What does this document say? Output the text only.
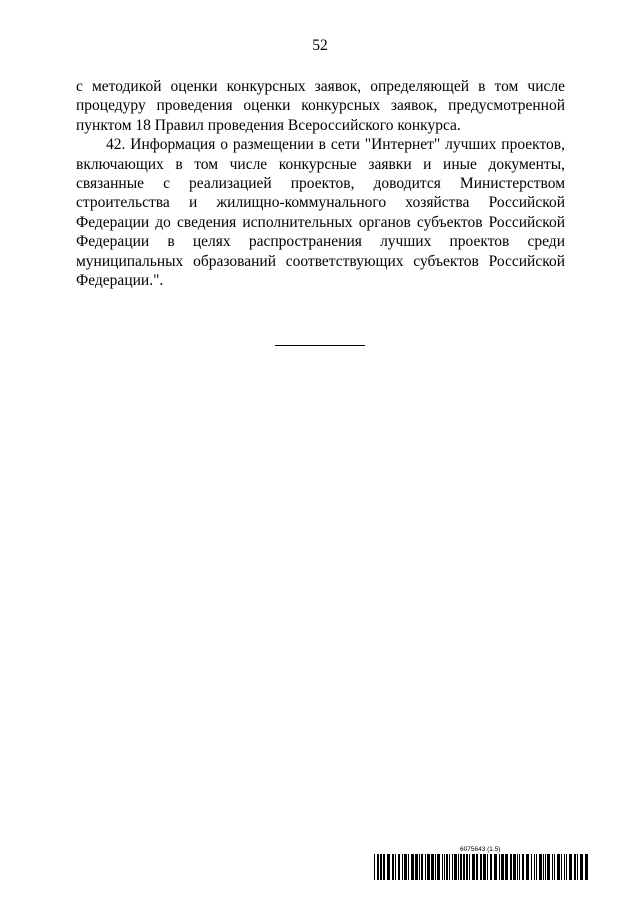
52

с методикой оценки конкурсных заявок, определяющей в том числе
процедуру проведения оценки конкурсных заявок, предусмотренной
пунктом 18 Правил проведения Всероссийского конкурса.

42. Информация о размещении в сети "Интернет" лучших проектов,
включающих в том числе конкурсные заявки и иные документы,
связанные с реализацией проектов, доводится Министерством
строительства и жилищно-коммунального хозяйства Российской
Федерации до сведения исполнительных органов субъектов Российской
Федерации в целях распространения лучших проектов среди
муниципальных образований соответствующих субъектов Российской
Федерации.".

6075643 (1.5)
